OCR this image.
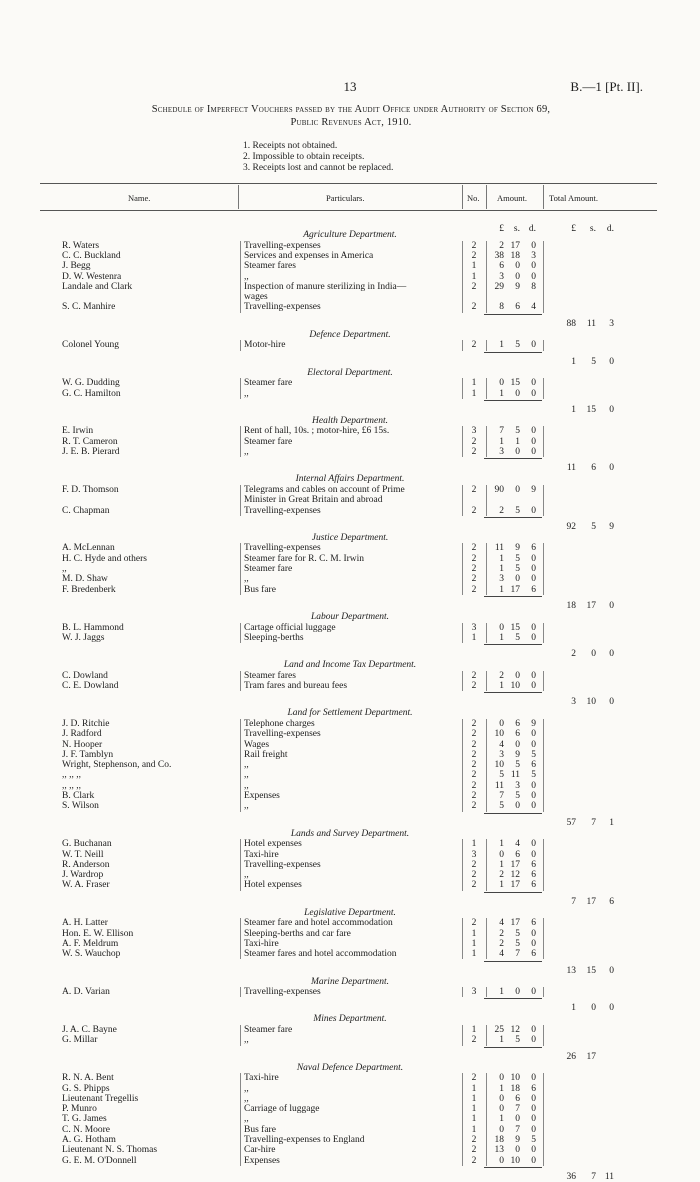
13	B.—1 [Pt. II].
Schedule of Imperfect Vouchers passed by the Audit Office under Authority of Section 69,
Public Revenues Act, 1910.
1. Receipts not obtained.
2. Impossible to obtain receipts.
3. Receipts lost and cannot be replaced.
Name.	Particulars.	No. Amount.	Total Amount.
£ s. d.	£ s. d.
Agriculture Department.
R. Waters	Travelling-expenses	2	2 17 0
C. C. Buckland	Services and expenses in America	2	38 18 3
J. Begg	Steamer fares	1	6 0 0
D. W. Westenra	,,	1	3 0 0
Landale and Clark	Inspection of manure sterilizing in India—	2	29 9 8
wages
S. C. Manhire	Travelling-expenses	2	8 6 4
88 11 3
Defence Department.
Colonel Young	Motor-hire	2	1 5 0
1 5 0
Electoral Department.
W. G. Dudding	Steamer fare	1	0 15 0
G. C. Hamilton	,,	1	1 0 0
1 15 0
Health Department.
E. Irwin	Rent of hall, 10s. ; motor-hire, £6 15s.	3	7 5 0
R. T. Cameron	Steamer fare	2	1 1 0
J. E. B. Pierard	,,	2	3 0 0
11 6 0
Internal Affairs Department.
F. D. Thomson	Telegrams and cables on account of Prime	2	90 0 9
Minister in Great Britain and abroad
C. Chapman	Travelling-expenses	2	2 5 0
92 5 9
Justice Department.
A. McLennan	Travelling-expenses	2	11 9 6
H. C. Hyde and others	Steamer fare for R. C. M. Irwin	2	1 5 0
,,	Steamer fare	2	1 5 0
M. D. Shaw	,,	2	3 0 0
F. Bredenberk	Bus fare	2	1 17 6
18 17 0
Labour Department.
B. L. Hammond	Cartage official luggage	3	0 15 0
W. J. Jaggs	Sleeping-berths	1	1 5 0
2 0 0
Land and Income Tax Department.
C. Dowland	Steamer fares	2	2 0 0
C. E. Dowland	Tram fares and bureau fees	2	1 10 0
3 10 0
Land for Settlement Department.
J. D. Ritchie	Telephone charges	2	0 6 9
J. Radford	Travelling-expenses	2	10 6 0
N. Hooper	Wages	2	4 0 0
J. F. Tamblyn	Rail freight	2	3 9 5
Wright, Stephenson, and Co.	,,	2	10 5 6
,, ,, ,,	,,	2	5 11 5
,, ,, ,,	,,	2	11 3 0
B. Clark	Expenses	2	7 5 0
S. Wilson	,,	2	5 0 0
57 7 1
Lands and Survey Department.
G. Buchanan	Hotel expenses	1	1 4 0
W. T. Neill	Taxi-hire	3	0 6 0
R. Anderson	Travelling-expenses	2	1 17 6
J. Wardrop	,,	2	2 12 6
W. A. Fraser	Hotel expenses	2	1 17 6
7 17 6
Legislative Department.
A. H. Latter	Steamer fare and hotel accommodation	2	4 17 6
Hon. E. W. Ellison	Sleeping-berths and car fare	1	2 5 0
A. F. Meldrum	Taxi-hire	1	2 5 0
W. S. Wauchop	Steamer fares and hotel accommodation	1	4 7 6
13 15 0
Marine Department.
A. D. Varian	Travelling-expenses	3	1 0 0
1 0 0
Mines Department.
J. A. C. Bayne	Steamer fare	1	25 12 0
G. Millar	,,	2	1 5 0
26 17
Naval Defence Department.
R. N. A. Bent	Taxi-hire	2	0 10 0
G. S. Phipps	,,	1	1 18 6
Lieutenant Tregellis	,,	1	0 6 0
P. Munro	Carriage of luggage	1	0 7 0
T. G. James	,,	1	1 0 0
C. N. Moore	Bus fare	1	0 7 0
A. G. Hotham	Travelling-expenses to England	2	18 9 5
Lieutenant N. S. Thomas	Car-hire	2	13 0 0
G. E. M. O'Donnell	Expenses	2	0 10 0
36 7 11
